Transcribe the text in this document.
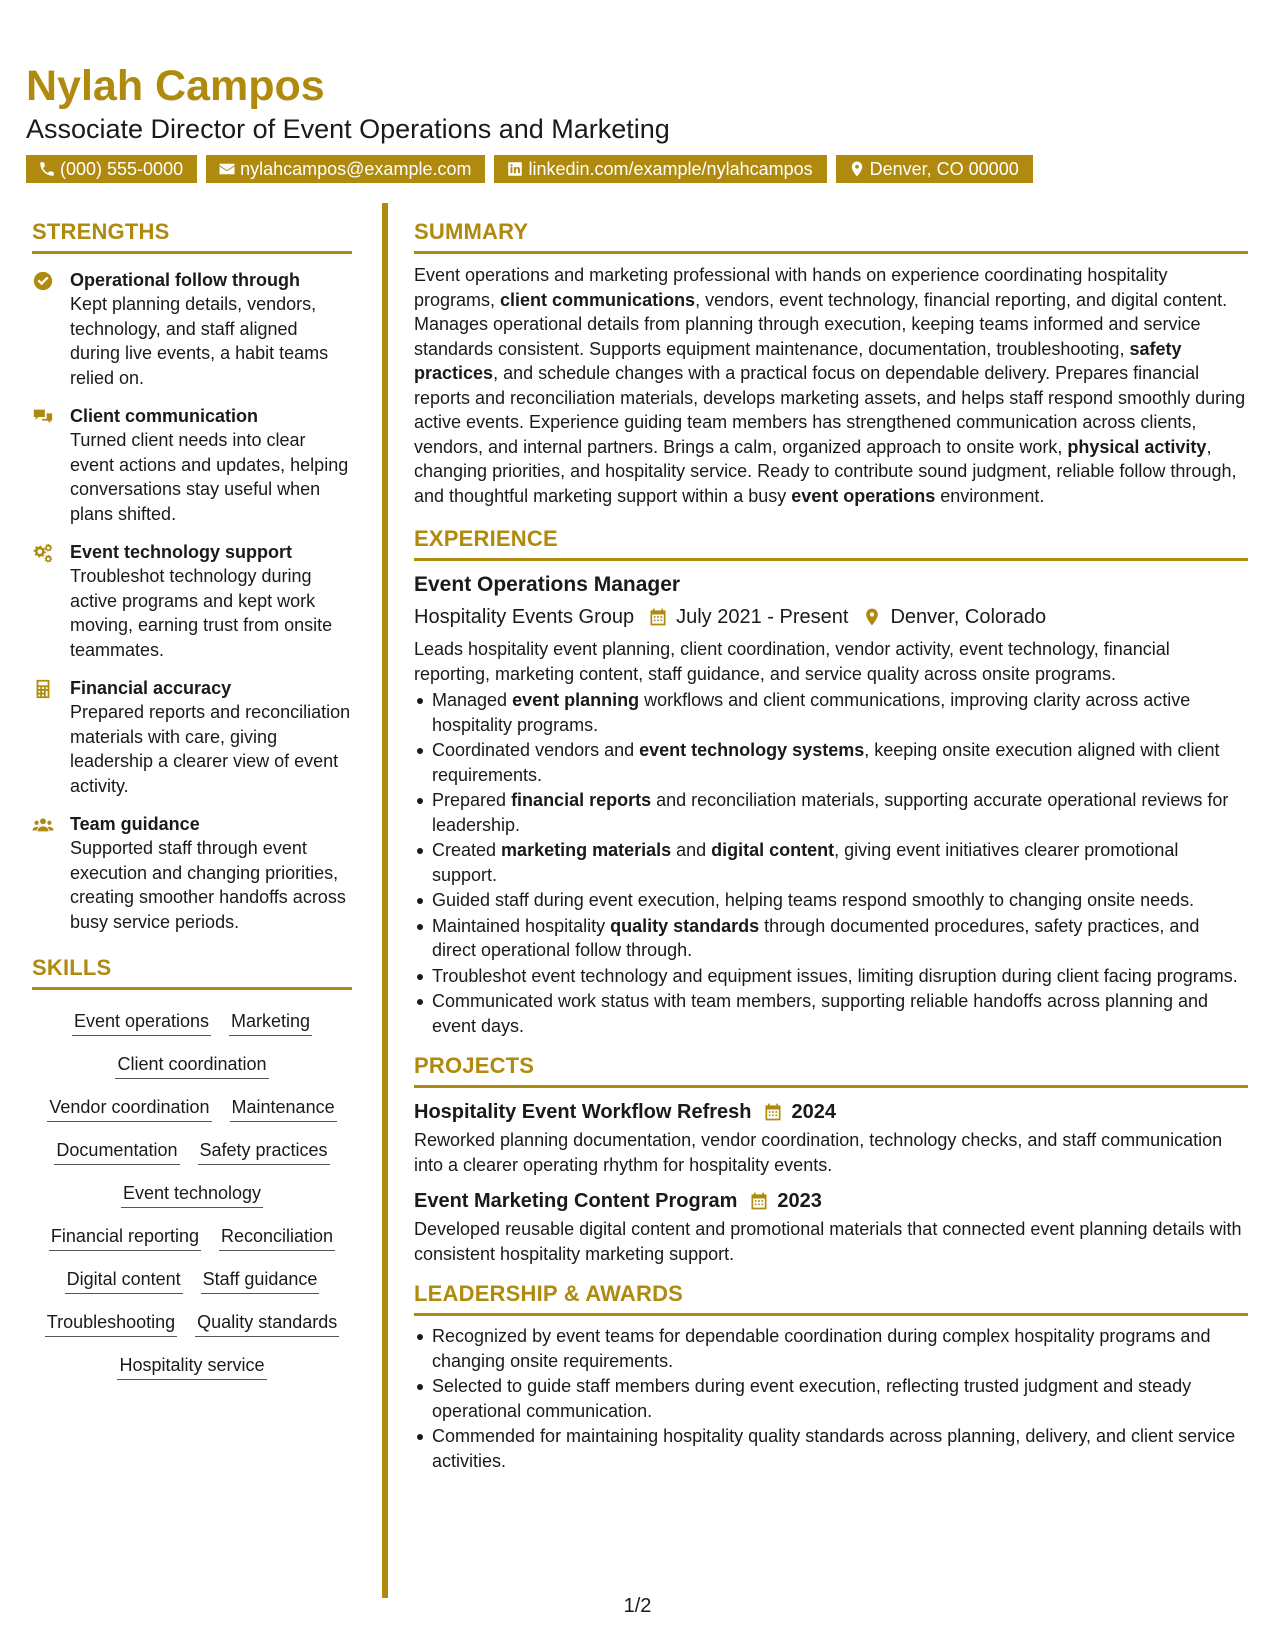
Nylah Campos
Associate Director of Event Operations and Marketing
(000) 555-0000	nylahcampos@example.com	linkedin.com/example/nylahcampos	Denver, CO 00000
STRENGTHS
Operational follow through
Kept planning details, vendors, technology, and staff aligned during live events, a habit teams relied on.
Client communication
Turned client needs into clear event actions and updates, helping conversations stay useful when plans shifted.
Event technology support
Troubleshot technology during active programs and kept work moving, earning trust from onsite teammates.
Financial accuracy
Prepared reports and reconciliation materials with care, giving leadership a clearer view of event activity.
Team guidance
Supported staff through event execution and changing priorities, creating smoother handoffs across busy service periods.
SKILLS
Event operations Marketing
Client coordination
Vendor coordination Maintenance
Documentation Safety practices
Event technology
Financial reporting Reconciliation
Digital content Staff guidance
Troubleshooting Quality standards
Hospitality service
SUMMARY
Event operations and marketing professional with hands on experience coordinating hospitality programs, client communications, vendors, event technology, financial reporting, and digital content. Manages operational details from planning through execution, keeping teams informed and service standards consistent. Supports equipment maintenance, documentation, troubleshooting, safety practices, and schedule changes with a practical focus on dependable delivery. Prepares financial reports and reconciliation materials, develops marketing assets, and helps staff respond smoothly during active events. Experience guiding team members has strengthened communication across clients, vendors, and internal partners. Brings a calm, organized approach to onsite work, physical activity, changing priorities, and hospitality service. Ready to contribute sound judgment, reliable follow through, and thoughtful marketing support within a busy event operations environment.
EXPERIENCE
Event Operations Manager
Hospitality Events Group July 2021 - Present Denver, Colorado
Leads hospitality event planning, client coordination, vendor activity, event technology, financial reporting, marketing content, staff guidance, and service quality across onsite programs.
Managed event planning workflows and client communications, improving clarity across active hospitality programs.
Coordinated vendors and event technology systems, keeping onsite execution aligned with client requirements.
Prepared financial reports and reconciliation materials, supporting accurate operational reviews for leadership.
Created marketing materials and digital content, giving event initiatives clearer promotional support.
Guided staff during event execution, helping teams respond smoothly to changing onsite needs.
Maintained hospitality quality standards through documented procedures, safety practices, and direct operational follow through.
Troubleshot event technology and equipment issues, limiting disruption during client facing programs.
Communicated work status with team members, supporting reliable handoffs across planning and event days.
PROJECTS
Hospitality Event Workflow Refresh 2024
Reworked planning documentation, vendor coordination, technology checks, and staff communication into a clearer operating rhythm for hospitality events.
Event Marketing Content Program 2023
Developed reusable digital content and promotional materials that connected event planning details with consistent hospitality marketing support.
LEADERSHIP & AWARDS
Recognized by event teams for dependable coordination during complex hospitality programs and changing onsite requirements.
Selected to guide staff members during event execution, reflecting trusted judgment and steady operational communication.
Commended for maintaining hospitality quality standards across planning, delivery, and client service activities.
1/2
